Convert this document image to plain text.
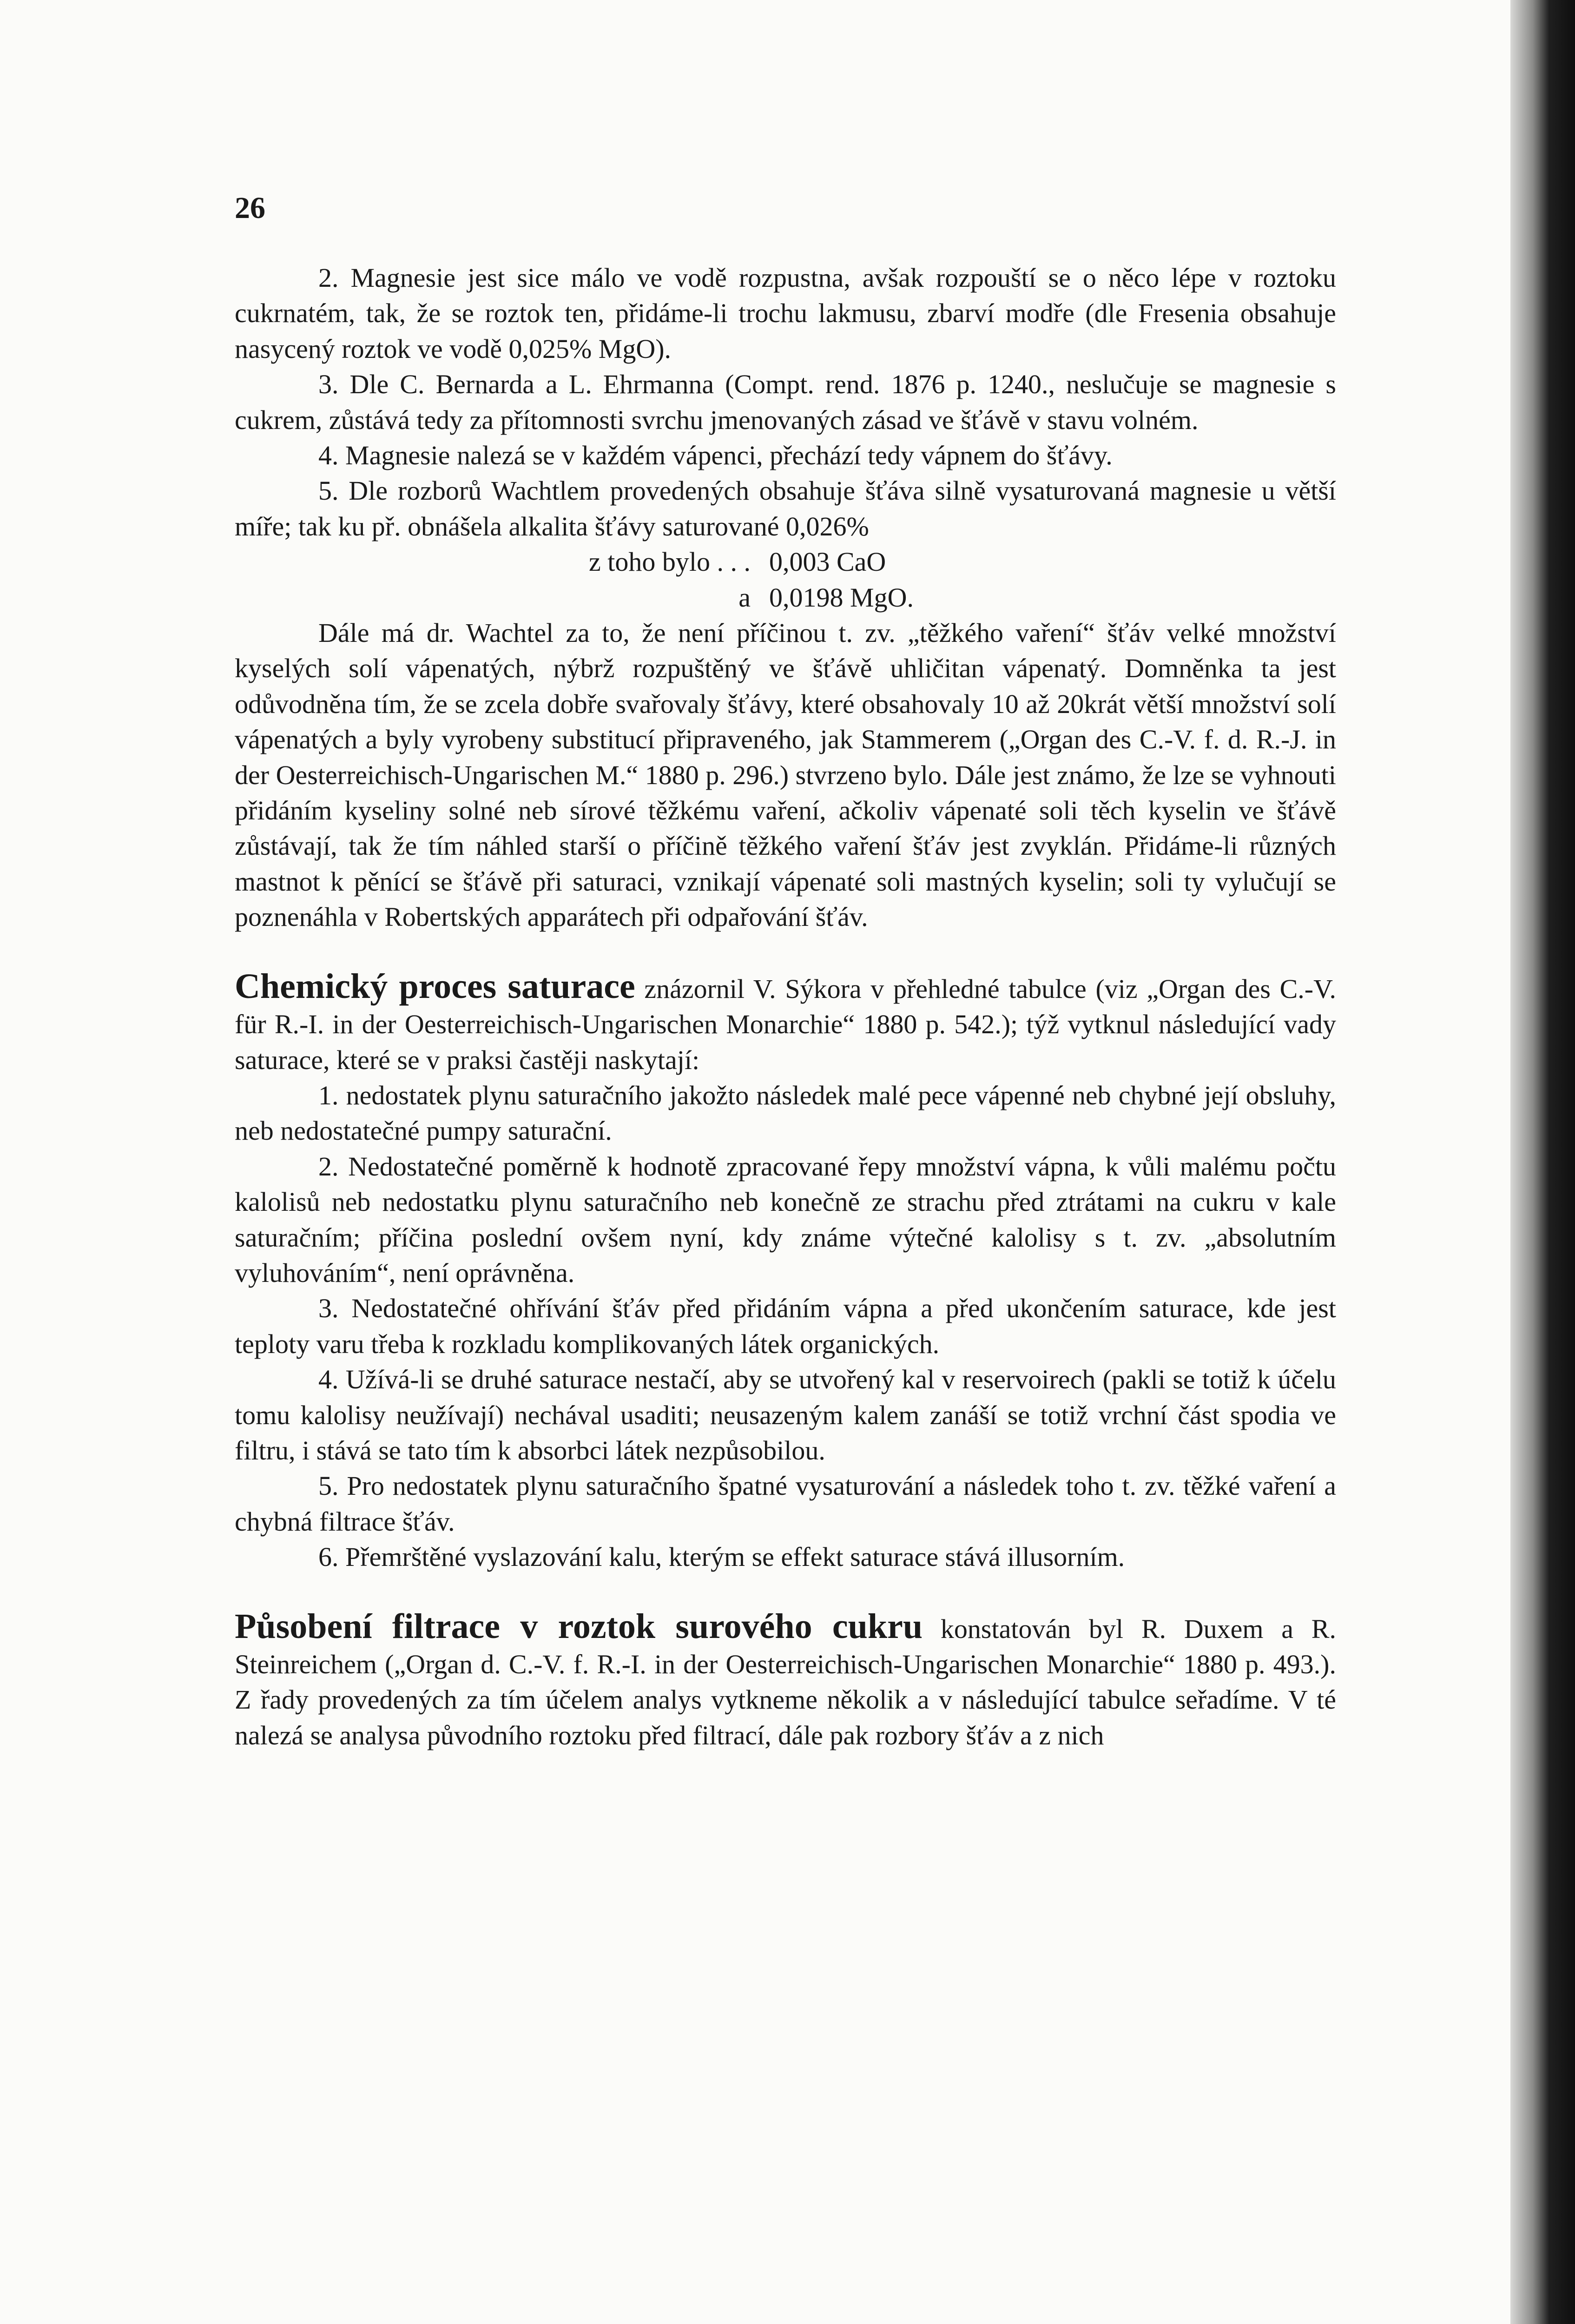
26

2. Magnesie jest sice málo ve vodě rozpustna, avšak rozpouští se o něco lépe v roztoku cukrnatém, tak, že se roztok ten, přidáme-li trochu lakmusu, zbarví modře (dle Fresenia obsahuje nasycený roztok ve vodě 0,025% MgO).

3. Dle C. Bernarda a L. Ehrmanna (Compt. rend. 1876 p. 1240., neslučuje se magnesie s cukrem, zůstává tedy za přítomnosti svrchu jmenovaných zásad ve šťávě v stavu volném.

4. Magnesie nalezá se v každém vápenci, přechází tedy vápnem do šťávy.

5. Dle rozborů Wachtlem provedených obsahuje šťáva silně vysaturovaná magnesie u větší míře; tak ku př. obnášela alkalita šťávy saturované 0,026%

z toho bylo . . . 0,003 CaO
a 0,0198 MgO.

Dále má dr. Wachtel za to, že není příčinou t. zv. „těžkého vaření“ šťáv velké množství kyselých solí vápenatých, nýbrž rozpuštěný ve šťávě uhličitan vápenatý. Domněnka ta jest odůvodněna tím, že se zcela dobře svařovaly šťávy, které obsahovaly 10 až 20krát větší množství solí vápenatých a byly vyrobeny substitucí připraveného, jak Stammerem („Organ des C.-V. f. d. R.-J. in der Oesterreichisch-Ungarischen M.“ 1880 p. 296.) stvrzeno bylo. Dále jest známo, že lze se vyhnouti přidáním kyseliny solné neb sírové těžkému vaření, ačkoliv vápenaté soli těch kyselin ve šťávě zůstávají, tak že tím náhled starší o příčině těžkého vaření šťáv jest zvyklán. Přidáme-li různých mastnot k pěnící se šťávě při saturaci, vznikají vápenaté soli mastných kyselin; soli ty vylučují se poznenáhla v Robertských apparátech při odpařování šťáv.

Chemický proces saturace znázornil V. Sýkora v přehledné tabulce (viz „Organ des C.-V. für R.-I. in der Oesterreichisch-Ungarischen Monarchie“ 1880 p. 542.); týž vytknul následující vady saturace, které se v praksi častěji naskytají:

1. nedostatek plynu saturačního jakožto následek malé pece vápenné neb chybné její obsluhy, neb nedostatečné pumpy saturační.

2. Nedostatečné poměrně k hodnotě zpracované řepy množství vápna, k vůli malému počtu kalolisů neb nedostatku plynu saturačního neb konečně ze strachu před ztrátami na cukru v kale saturačním; příčina poslední ovšem nyní, kdy známe výtečné kalolisy s t. zv. „absolutním vyluhováním“, není oprávněna.

3. Nedostatečné ohřívání šťáv před přidáním vápna a před ukončením saturace, kde jest teploty varu třeba k rozkladu komplikovaných látek organických.

4. Užívá-li se druhé saturace nestačí, aby se utvořený kal v reservoirech (pakli se totiž k účelu tomu kalolisy neužívají) nechával usaditi; neusazeným kalem zanáší se totiž vrchní část spodia ve filtru, i stává se tato tím k absorbci látek nezpůsobilou.

5. Pro nedostatek plynu saturačního špatné vysaturování a následek toho t. zv. těžké vaření a chybná filtrace šťáv.

6. Přemrštěné vyslazování kalu, kterým se effekt saturace stává illusorním.

Působení filtrace v roztok surového cukru konstatován byl R. Duxem a R. Steinreichem („Organ d. C.-V. f. R.-I. in der Oesterreichisch-Ungarischen Monarchie“ 1880 p. 493.). Z řady provedených za tím účelem analys vytkneme několik a v následující tabulce seřadíme. V té nalezá se analysa původního roztoku před filtrací, dále pak rozbory šťáv a z nich
